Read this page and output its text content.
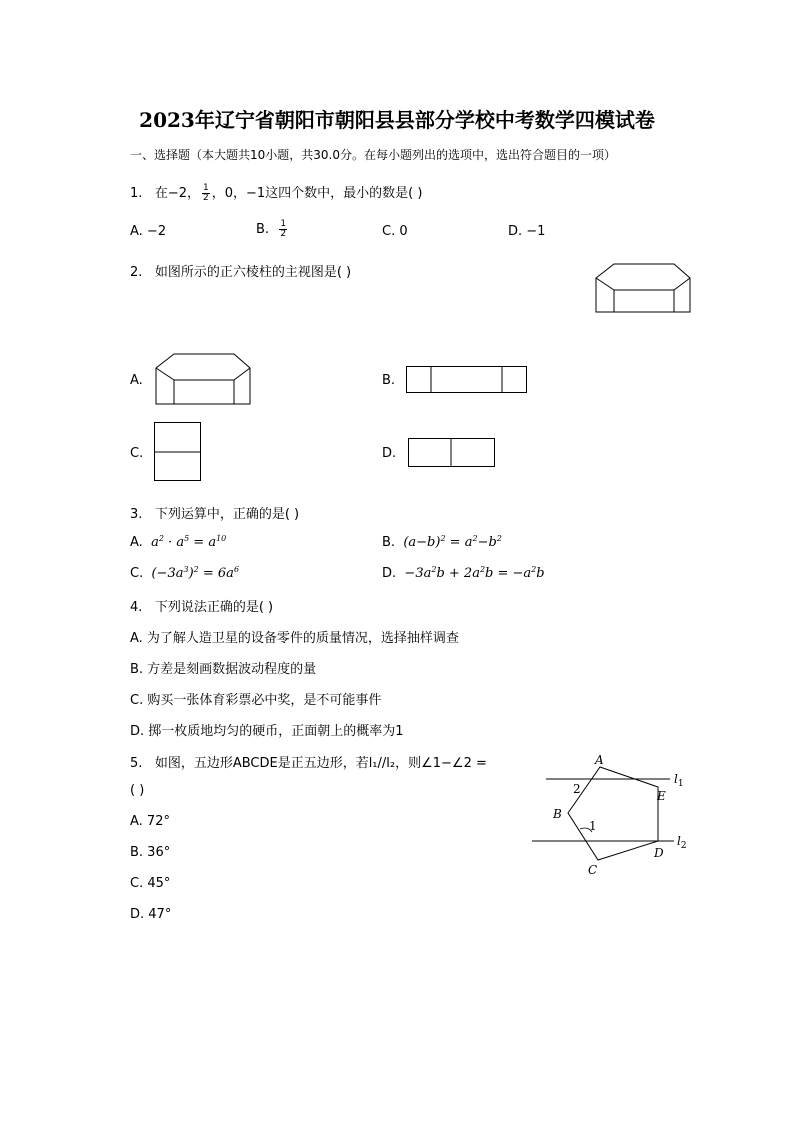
2023年辽宁省朝阳市朝阳县县部分学校中考数学四模试卷
一、选择题（本大题共10小题，共30.0分。在每小题列出的选项中，选出符合题目的一项）
1. 在−2， $\frac{1}{2}$ ，0，−1这四个数中，最小的数是( )
A. −2	B. $\frac{1}{2}$	C. 0	D. −1
2. 如图所示的正六棱柱的主视图是( )
A.	B.
C.	D.
3. 下列运算中，正确的是( )
A. $a^2 \cdot a^5 = a^{10}$	B. $(a-b)^2 = a^2-b^2$
C. $(-3a^3)^2 = 6a^6$	D. $-3a^2b + 2a^2b = -a^2b$
4. 下列说法正确的是( )
A. 为了解人造卫星的设备零件的质量情况，选择抽样调查
B. 方差是刻画数据波动程度的量
C. 购买一张体育彩票必中奖，是不可能事件
D. 掷一枚质地均匀的硬币，正面朝上的概率为1
5. 如图，五边形ABCDE是正五边形，若l₁//l₂，则∠1−∠2 =
( )
A. 72°
B. 36°
C. 45°
D. 47°
A
B
C
D
E
2
1
$l_1$
$l_2$
